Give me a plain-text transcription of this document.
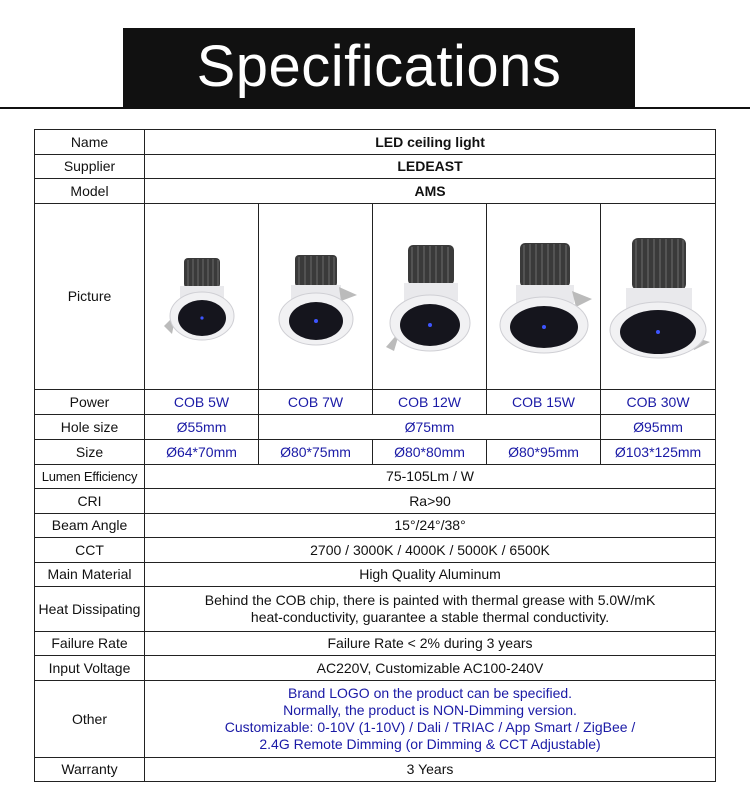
Specifications
Name	LED ceiling light				
Supplier	LEDEAST				
Model	AMS				
Picture	

Power	COB 5W	COB 7W	COB 12W	COB 15W	COB 30W
Hole size	Ø55mm	Ø75mm			Ø95mm
Size	Ø64*70mm	Ø80*75mm	Ø80*80mm	Ø80*95mm	Ø103*125mm
Lumen Efficiency	75-105Lm / W				
CRI	Ra>90				
Beam Angle	15°/24°/38°				
CCT	2700 / 3000K / 4000K / 5000K / 6500K				
Main Material	High Quality Aluminum				
Heat Dissipating	Behind the COB chip, there is painted with thermal grease with 5.0W/mK
heat-conductivity, guarantee a stable thermal conductivity.				

Failure Rate	Failure Rate < 2% during 3 years				
Input Voltage	AC220V, Customizable AC100-240V				
Other	Brand LOGO on the product can be specified.
Normally, the product is NON-Dimming version.
Customizable: 0-10V (1-10V) / Dali / TRIAC / App Smart / ZigBee /
2.4G Remote Dimming (or Dimming & CCT Adjustable)				

Warranty	3 Years				
